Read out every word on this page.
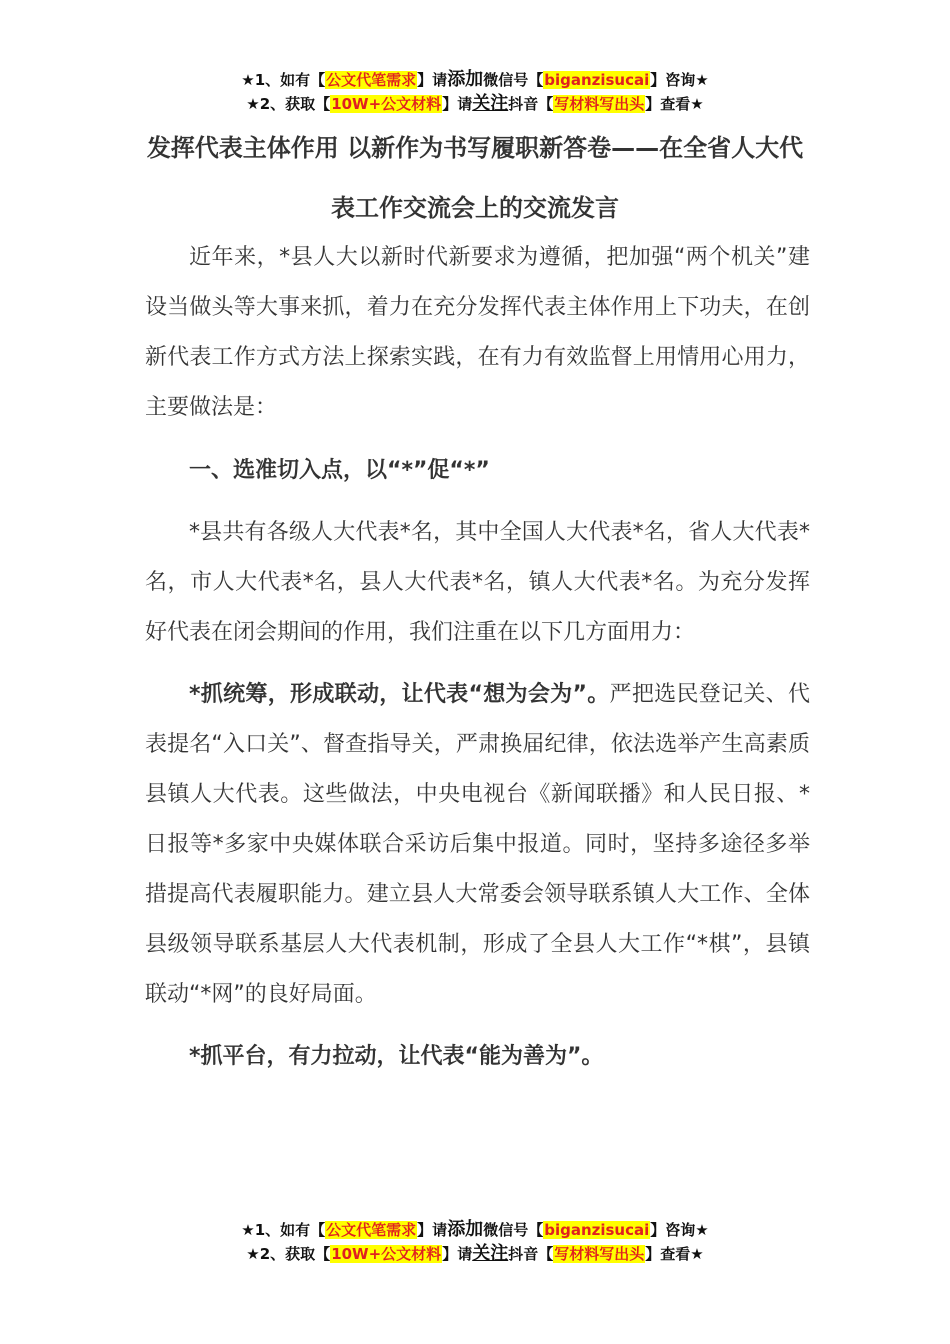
★1、如有【公文代笔需求】请添加微信号【biganzisucai】咨询★
★2、获取【10W+公文材料】请关注抖音【写材料写出头】查看★
发挥代表主体作用 以新作为书写履职新答卷——在全省人大代表工作交流会上的交流发言

近年来，*县人大以新时代新要求为遵循，把加强“两个机关”建设当做头等大事来抓，着力在充分发挥代表主体作用上下功夫，在创新代表工作方式方法上探索实践，在有力有效监督上用情用心用力，主要做法是：

一、选准切入点，以“*”促“*”

*县共有各级人大代表*名，其中全国人大代表*名，省人大代表*名，市人大代表*名，县人大代表*名，镇人大代表*名。为充分发挥好代表在闭会期间的作用，我们注重在以下几方面用力：

*抓统筹，形成联动，让代表“想为会为”。严把选民登记关、代表提名“入口关”、督查指导关，严肃换届纪律，依法选举产生高素质县镇人大代表。这些做法，中央电视台《新闻联播》和人民日报、*日报等*多家中央媒体联合采访后集中报道。同时，坚持多途径多举措提高代表履职能力。建立县人大常委会领导联系镇人大工作、全体县级领导联系基层人大代表机制，形成了全县人大工作“*棋”，县镇联动“*网”的良好局面。

*抓平台，有力拉动，让代表“能为善为”。

★1、如有【公文代笔需求】请添加微信号【biganzisucai】咨询★
★2、获取【10W+公文材料】请关注抖音【写材料写出头】查看★
